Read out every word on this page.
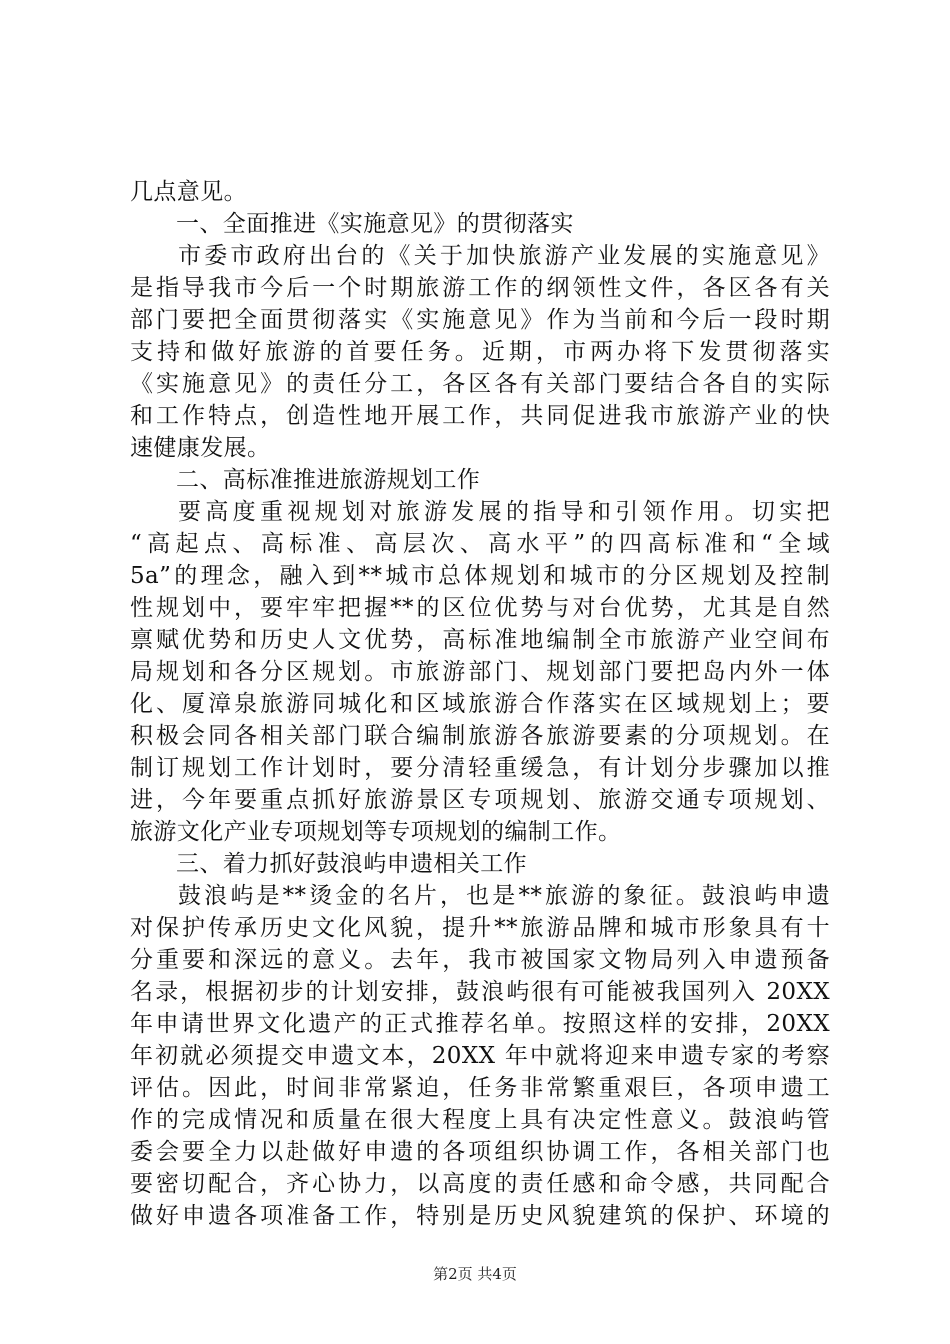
几点意见。
一、全面推进《实施意见》的贯彻落实
市委市政府出台的《关于加快旅游产业发展的实施意见》
是指导我市今后一个时期旅游工作的纲领性文件，各区各有关
部门要把全面贯彻落实《实施意见》作为当前和今后一段时期
支持和做好旅游的首要任务。近期，市两办将下发贯彻落实
《实施意见》的责任分工，各区各有关部门要结合各自的实际
和工作特点，创造性地开展工作，共同促进我市旅游产业的快
速健康发展。
二、高标准推进旅游规划工作
要高度重视规划对旅游发展的指导和引领作用。切实把
“高起点、高标准、高层次、高水平”的四高标准和“全域
5a”的理念，融入到**城市总体规划和城市的分区规划及控制
性规划中，要牢牢把握**的区位优势与对台优势，尤其是自然
禀赋优势和历史人文优势，高标准地编制全市旅游产业空间布
局规划和各分区规划。市旅游部门、规划部门要把岛内外一体
化、厦漳泉旅游同城化和区域旅游合作落实在区域规划上；要
积极会同各相关部门联合编制旅游各旅游要素的分项规划。在
制订规划工作计划时，要分清轻重缓急，有计划分步骤加以推
进，今年要重点抓好旅游景区专项规划、旅游交通专项规划、
旅游文化产业专项规划等专项规划的编制工作。
三、着力抓好鼓浪屿申遗相关工作
鼓浪屿是**烫金的名片，也是**旅游的象征。鼓浪屿申遗
对保护传承历史文化风貌，提升**旅游品牌和城市形象具有十
分重要和深远的意义。去年，我市被国家文物局列入申遗预备
名录，根据初步的计划安排，鼓浪屿很有可能被我国列入 20XX
年申请世界文化遗产的正式推荐名单。按照这样的安排，20XX
年初就必须提交申遗文本，20XX 年中就将迎来申遗专家的考察
评估。因此，时间非常紧迫，任务非常繁重艰巨，各项申遗工
作的完成情况和质量在很大程度上具有决定性意义。鼓浪屿管
委会要全力以赴做好申遗的各项组织协调工作，各相关部门也
要密切配合，齐心协力，以高度的责任感和命令感，共同配合
做好申遗各项准备工作，特别是历史风貌建筑的保护、环境的
第2页 共4页
